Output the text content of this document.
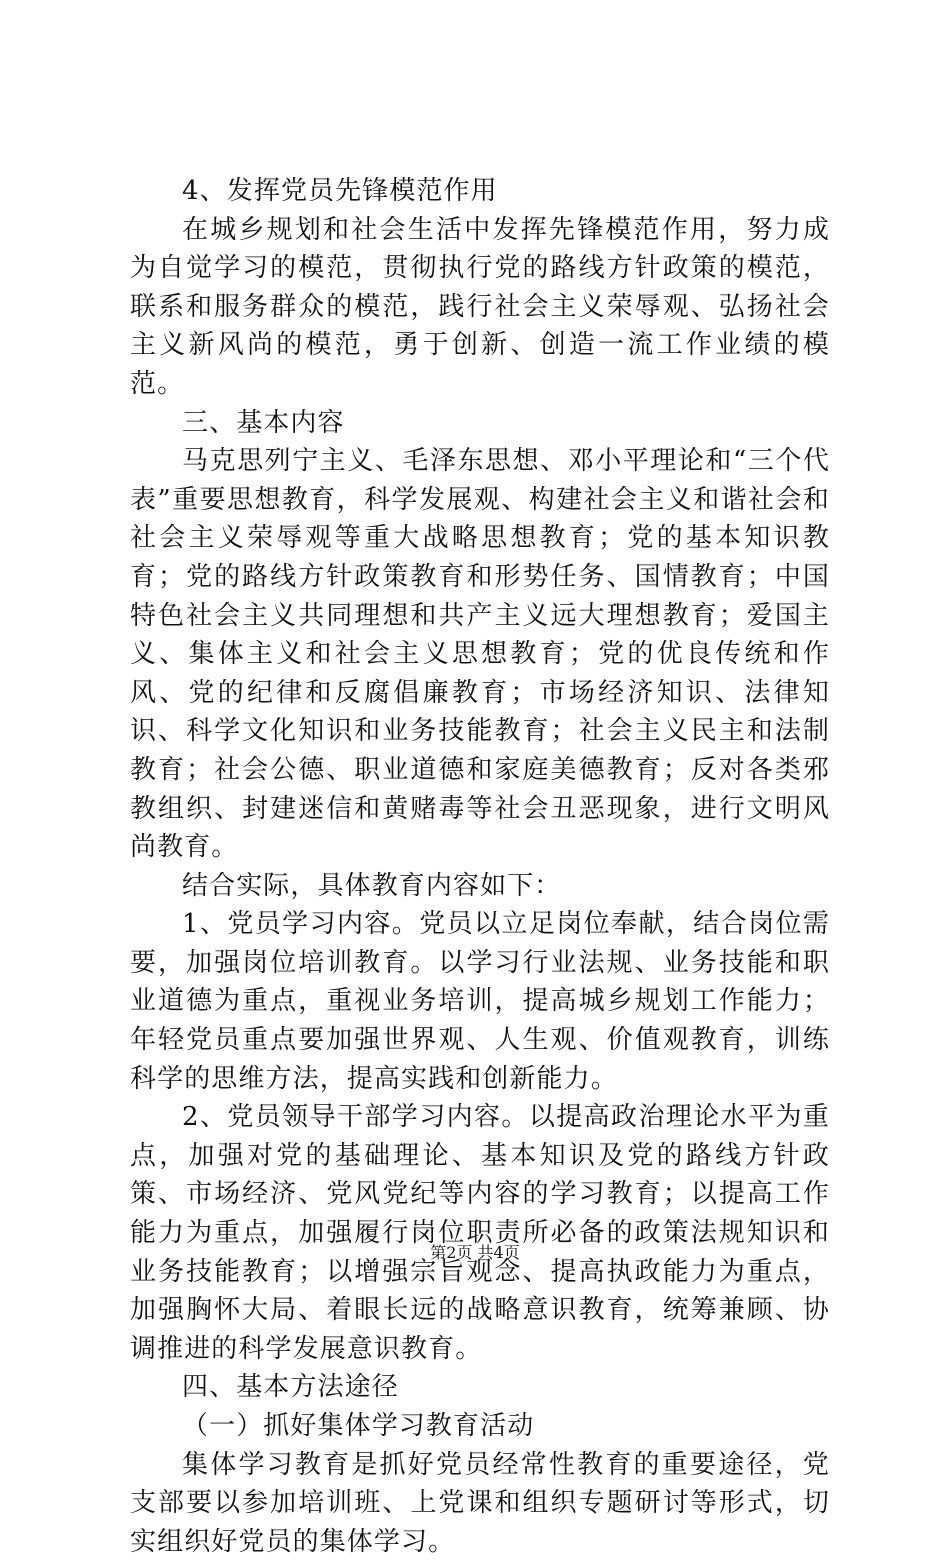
4、发挥党员先锋模范作用

在城乡规划和社会生活中发挥先锋模范作用，努力成为自觉学习的模范，贯彻执行党的路线方针政策的模范，联系和服务群众的模范，践行社会主义荣辱观、弘扬社会主义新风尚的模范，勇于创新、创造一流工作业绩的模范。

三、基本内容

马克思列宁主义、毛泽东思想、邓小平理论和“三个代表”重要思想教育，科学发展观、构建社会主义和谐社会和社会主义荣辱观等重大战略思想教育；党的基本知识教育；党的路线方针政策教育和形势任务、国情教育；中国特色社会主义共同理想和共产主义远大理想教育；爱国主义、集体主义和社会主义思想教育；党的优良传统和作风、党的纪律和反腐倡廉教育；市场经济知识、法律知识、科学文化知识和业务技能教育；社会主义民主和法制教育；社会公德、职业道德和家庭美德教育；反对各类邪教组织、封建迷信和黄赌毒等社会丑恶现象，进行文明风尚教育。

结合实际，具体教育内容如下：

1、党员学习内容。党员以立足岗位奉献，结合岗位需要，加强岗位培训教育。以学习行业法规、业务技能和职业道德为重点，重视业务培训，提高城乡规划工作能力；年轻党员重点要加强世界观、人生观、价值观教育，训练科学的思维方法，提高实践和创新能力。

2、党员领导干部学习内容。以提高政治理论水平为重点，加强对党的基础理论、基本知识及党的路线方针政策、市场经济、党风党纪等内容的学习教育；以提高工作能力为重点，加强履行岗位职责所必备的政策法规知识和业务技能教育；以增强宗旨观念、提高执政能力为重点，加强胸怀大局、着眼长远的战略意识教育，统筹兼顾、协调推进的科学发展意识教育。

四、基本方法途径

（一）抓好集体学习教育活动

集体学习教育是抓好党员经常性教育的重要途径，党支部要以参加培训班、上党课和组织专题研讨等形式，切实组织好党员的集体学习。

第2页 共4页
